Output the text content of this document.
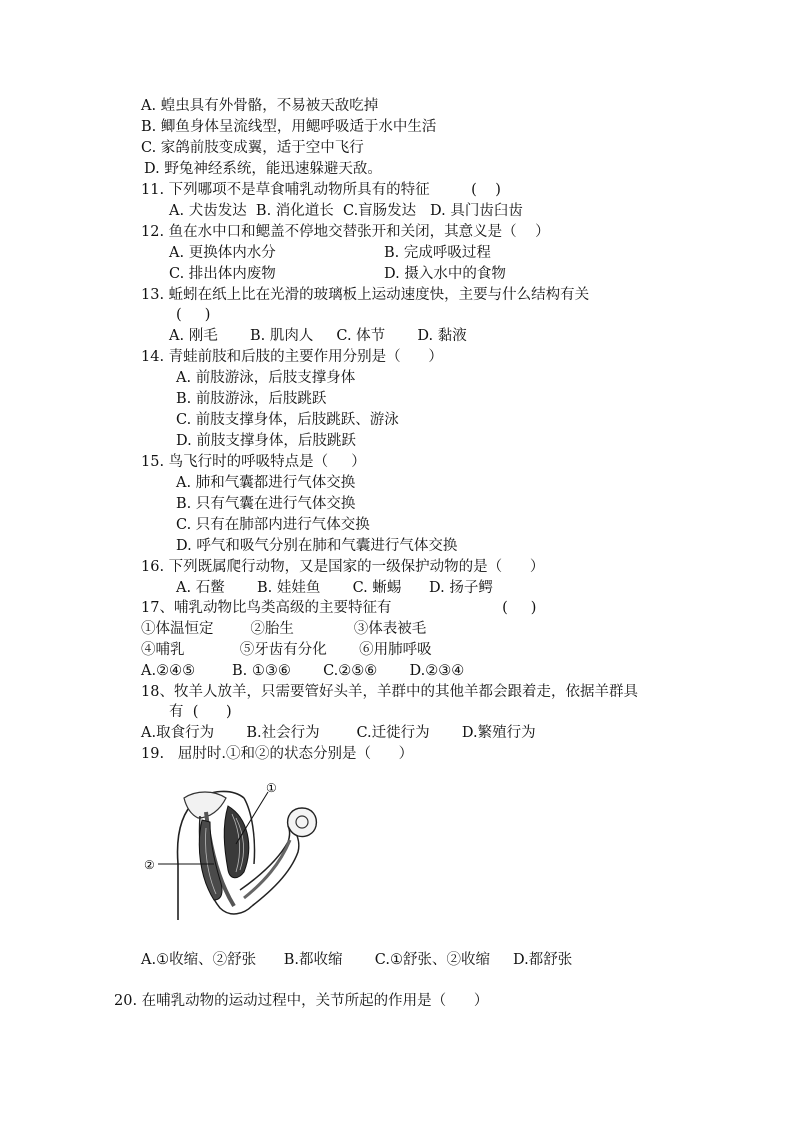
A. 蝗虫具有外骨骼，不易被天敌吃掉
B. 鲫鱼身体呈流线型，用鳃呼吸适于水中生活
C. 家鸽前肢变成翼，适于空中飞行
D. 野兔神经系统，能迅速躲避天敌。
11. 下列哪项不是草食哺乳动物所具有的特征         (    )
A. 犬齿发达  B. 消化道长  C.盲肠发达   D. 具门齿臼齿
12. 鱼在水中口和鳃盖不停地交替张开和关闭，其意义是（    ）
A. 更换体内水分	B. 完成呼吸过程
C. 排出体内废物	D. 摄入水中的食物
13. 蚯蚓在纸上比在光滑的玻璃板上运动速度快，主要与什么结构有关
(     )
A. 刚毛       B. 肌肉人     C. 体节       D. 黏液
14. 青蛙前肢和后肢的主要作用分别是（      ）
A. 前肢游泳，后肢支撑身体
B. 前肢游泳，后肢跳跃
C. 前肢支撑身体，后肢跳跃、游泳
D. 前肢支撑身体，后肢跳跃
15. 鸟飞行时的呼吸特点是（     ）
A. 肺和气囊都进行气体交换
B. 只有气囊在进行气体交换
C. 只有在肺部内进行气体交换
D. 呼气和吸气分别在肺和气囊进行气体交换
16. 下列既属爬行动物，又是国家的一级保护动物的是（      ）
A. 石鳖       B. 娃娃鱼       C. 蜥蜴      D. 扬子鳄
17、哺乳动物比鸟类高级的主要特征有                        (     )
①体温恒定        ②胎生             ③体表被毛
④哺乳            ⑤牙齿有分化       ⑥用肺呼吸
A.②④⑤        B. ①③⑥       C.②⑤⑥       D.②③④
18、牧羊人放羊，只需要管好头羊，羊群中的其他羊都会跟着走，依据羊群具
有  (      )
A.取食行为       B.社会行为        C.迁徙行为       D.繁殖行为
19.   屈肘时.①和②的状态分别是（      ）
①
②
A.①收缩、②舒张      B.都收缩       C.①舒张、②收缩     D.都舒张
20. 在哺乳动物的运动过程中，关节所起的作用是（      ）
